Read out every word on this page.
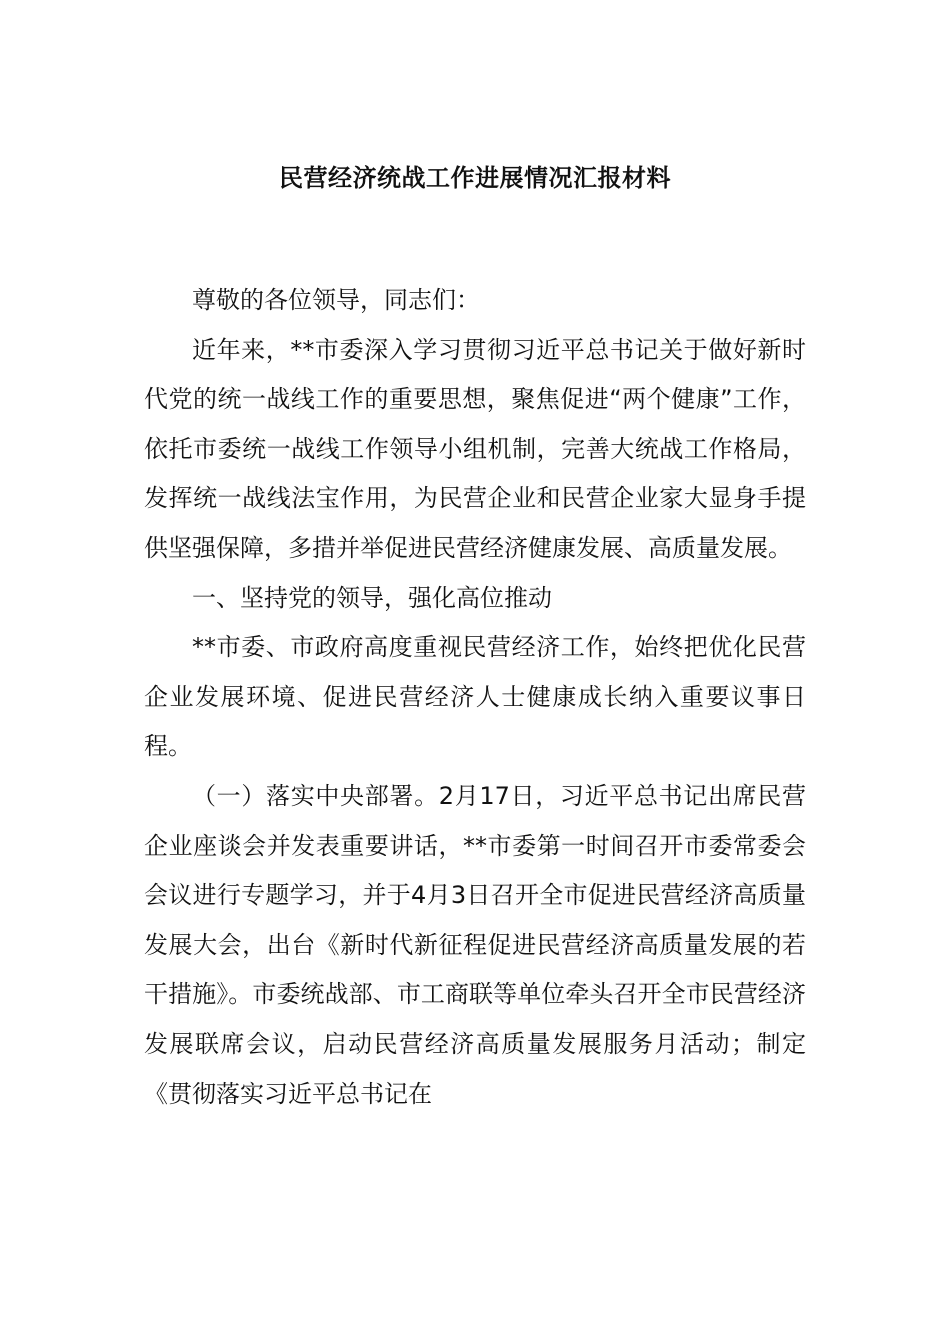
民营经济统战工作进展情况汇报材料

尊敬的各位领导，同志们：

近年来，**市委深入学习贯彻习近平总书记关于做好新时代党的统一战线工作的重要思想，聚焦促进“两个健康”工作，依托市委统一战线工作领导小组机制，完善大统战工作格局，发挥统一战线法宝作用，为民营企业和民营企业家大显身手提供坚强保障，多措并举促进民营经济健康发展、高质量发展。

一、坚持党的领导，强化高位推动

**市委、市政府高度重视民营经济工作，始终把优化民营企业发展环境、促进民营经济人士健康成长纳入重要议事日程。

（一）落实中央部署。2月17日，习近平总书记出席民营企业座谈会并发表重要讲话，**市委第一时间召开市委常委会会议进行专题学习，并于4月3日召开全市促进民营经济高质量发展大会，出台《新时代新征程促进民营经济高质量发展的若干措施》。市委统战部、市工商联等单位牵头召开全市民营经济发展联席会议，启动民营经济高质量发展服务月活动；制定《贯彻落实习近平总书记在
